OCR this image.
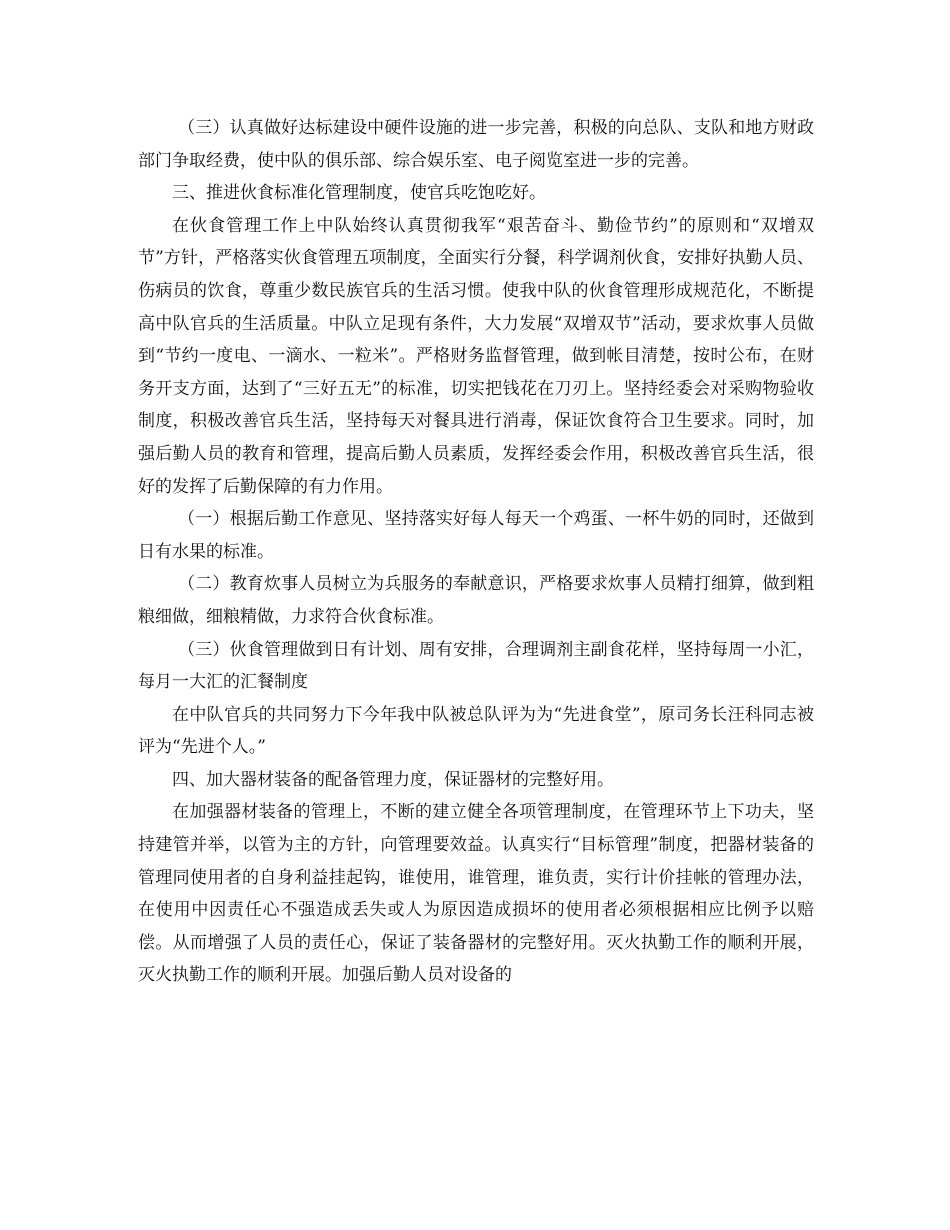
（三）认真做好达标建设中硬件设施的进一步完善，积极的向总队、支队和地方财政部门争取经费，使中队的俱乐部、综合娱乐室、电子阅览室进一步的完善。

三、推进伙食标准化管理制度，使官兵吃饱吃好。

在伙食管理工作上中队始终认真贯彻我军“艰苦奋斗、勤俭节约”的原则和“双增双节”方针，严格落实伙食管理五项制度，全面实行分餐，科学调剂伙食，安排好执勤人员、伤病员的饮食，尊重少数民族官兵的生活习惯。使我中队的伙食管理形成规范化，不断提高中队官兵的生活质量。中队立足现有条件，大力发展“双增双节”活动，要求炊事人员做到“节约一度电、一滴水、一粒米”。严格财务监督管理，做到帐目清楚，按时公布，在财务开支方面，达到了“三好五无”的标准，切实把钱花在刀刃上。坚持经委会对采购物验收制度，积极改善官兵生活，坚持每天对餐具进行消毒，保证饮食符合卫生要求。同时，加强后勤人员的教育和管理，提高后勤人员素质，发挥经委会作用，积极改善官兵生活，很好的发挥了后勤保障的有力作用。

（一）根据后勤工作意见、坚持落实好每人每天一个鸡蛋、一杯牛奶的同时，还做到日有水果的标准。

（二）教育炊事人员树立为兵服务的奉献意识，严格要求炊事人员精打细算，做到粗粮细做，细粮精做，力求符合伙食标准。

（三）伙食管理做到日有计划、周有安排，合理调剂主副食花样，坚持每周一小汇，每月一大汇的汇餐制度

在中队官兵的共同努力下今年我中队被总队评为为“先进食堂”，原司务长汪科同志被评为“先进个人。”

四、加大器材装备的配备管理力度，保证器材的完整好用。

在加强器材装备的管理上，不断的建立健全各项管理制度，在管理环节上下功夫，坚持建管并举，以管为主的方针，向管理要效益。认真实行“目标管理”制度，把器材装备的管理同使用者的自身利益挂起钩，谁使用，谁管理，谁负责，实行计价挂帐的管理办法，在使用中因责任心不强造成丢失或人为原因造成损坏的使用者必须根据相应比例予以赔偿。从而增强了人员的责任心，保证了装备器材的完整好用。灭火执勤工作的顺利开展，灭火执勤工作的顺利开展。加强后勤人员对设备的
